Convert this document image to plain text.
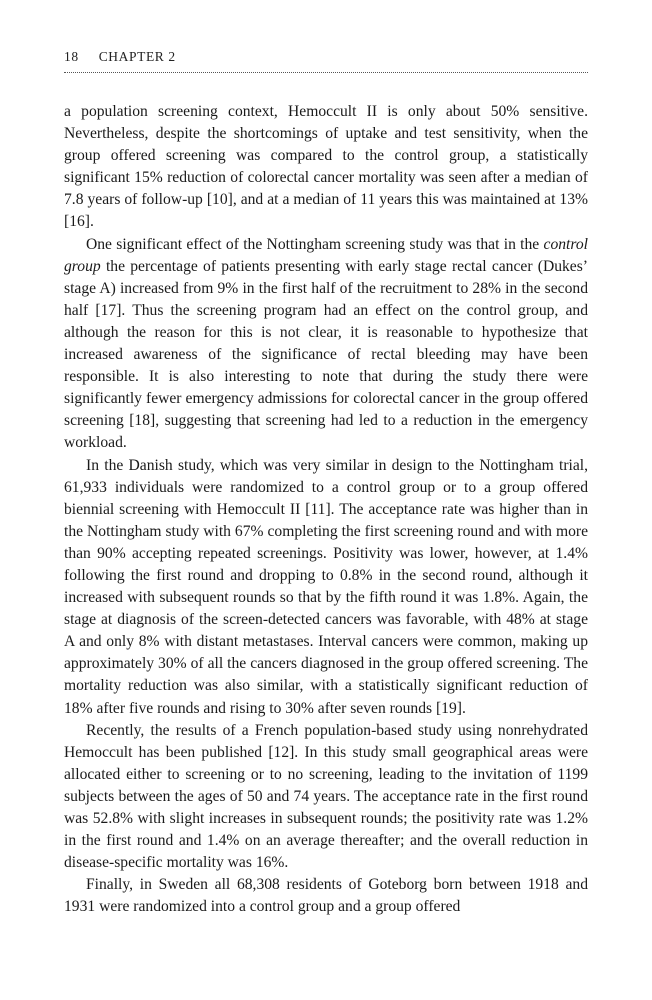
18 CHAPTER 2

a population screening context, Hemoccult II is only about 50% sensitive. Nevertheless, despite the shortcomings of uptake and test sensitivity, when the group offered screening was compared to the control group, a statistically significant 15% reduction of colorectal cancer mortality was seen after a median of 7.8 years of follow-up [10], and at a median of 11 years this was maintained at 13% [16].

One significant effect of the Nottingham screening study was that in the control group the percentage of patients presenting with early stage rectal cancer (Dukes’ stage A) increased from 9% in the first half of the recruitment to 28% in the second half [17]. Thus the screening program had an effect on the control group, and although the reason for this is not clear, it is reasonable to hypothesize that increased awareness of the significance of rectal bleeding may have been responsible. It is also interesting to note that during the study there were significantly fewer emergency admissions for colorectal cancer in the group offered screening [18], suggesting that screening had led to a reduction in the emergency workload.

In the Danish study, which was very similar in design to the Nottingham trial, 61,933 individuals were randomized to a control group or to a group offered biennial screening with Hemoccult II [11]. The acceptance rate was higher than in the Nottingham study with 67% completing the first screening round and with more than 90% accepting repeated screenings. Positivity was lower, however, at 1.4% following the first round and dropping to 0.8% in the second round, although it increased with subsequent rounds so that by the fifth round it was 1.8%. Again, the stage at diagnosis of the screen-detected cancers was favorable, with 48% at stage A and only 8% with distant metastases. Interval cancers were common, making up approximately 30% of all the cancers diagnosed in the group offered screening. The mortality reduction was also similar, with a statistically significant reduction of 18% after five rounds and rising to 30% after seven rounds [19].

Recently, the results of a French population-based study using nonrehydrated Hemoccult has been published [12]. In this study small geographical areas were allocated either to screening or to no screening, leading to the invitation of 1199 subjects between the ages of 50 and 74 years. The acceptance rate in the first round was 52.8% with slight increases in subsequent rounds; the positivity rate was 1.2% in the first round and 1.4% on an average thereafter; and the overall reduction in disease-specific mortality was 16%.

Finally, in Sweden all 68,308 residents of Goteborg born between 1918 and 1931 were randomized into a control group and a group offered
